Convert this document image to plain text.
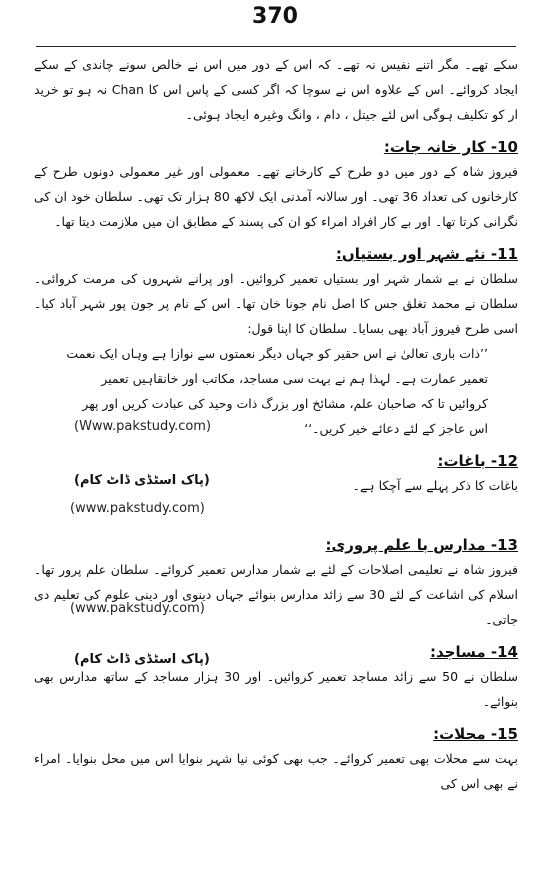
370

سکے تھے۔ مگر اتنے نفیس نہ تھے۔ کہ اس کے دور میں اس نے خالص سونے چاندی کے سکے ایجاد کروائے۔ اس کے علاوہ اس نے سوچا کہ اگر کسی کے پاس اس کا Chan نہ ہو تو خرید ار کو تکلیف ہوگی اس لئے جیتل ، دام ، وانگ وغیرہ ایجاد ہوئی۔

10- کار خانہ جات:

فیروز شاہ کے دور میں دو طرح کے کارخانے تھے۔ معمولی اور غیر معمولی دونوں طرح کے کارخانوں کی تعداد 36 تھی۔ اور سالانہ آمدنی ایک لاکھ 80 ہزار تک تھی۔ سلطان خود ان کی نگرانی کرتا تھا۔ اور بے کار افراد امراء کو ان کی پسند کے مطابق ان میں ملازمت دیتا تھا۔

11- نئے شہر اور بستیاں:

سلطان نے بے شمار شہر اور بستیاں تعمیر کروائیں۔ اور پرانے شہروں کی مرمت کروائی۔ سلطان نے محمد تغلق جس کا اصل نام جونا خان تھا۔ اس کے نام پر جون پور شہر آباد کیا۔ اسی طرح فیروز آباد بھی بسایا۔ سلطان کا اپنا قول:

’’ذات باری تعالیٰ نے اس حقیر کو جہاں دیگر نعمتوں سے نوازا ہے وہاں ایک نعمت تعمیر عمارت ہے۔ لہذا ہم نے بہت سی مساجد، مکاتب اور خانقاہیں تعمیر کروائیں تا کہ صاحبان علم، مشائخ اور بزرگ ذات وحید کی عبادت کریں اور پھر اس عاجز کے لئے دعائے خیر کریں۔‘‘

(Www.pakstudy.com)
12- باغات:

باغات کا ذکر پہلے سے آچکا ہے۔

(پاک اسٹڈی ڈاٹ کام)
(www.pakstudy.com)
13- مدارس با علم پروری:

فیروز شاہ نے تعلیمی اصلاحات کے لئے بے شمار مدارس تعمیر کروائے۔ سلطان علم پرور تھا۔ اسلام کی اشاعت کے لئے 30 سے زائد مدارس بنوائے جہاں دینوی اور دینی علوم کی تعلیم دی جاتی۔

(www.pakstudy.com)
14- مساجد:
(پاک اسٹڈی ڈاٹ کام)

سلطان نے 50 سے زائد مساجد تعمیر کروائیں۔ اور 30 ہزار مساجد کے ساتھ مدارس بھی بنوائے۔

15- محلات:

بہت سے محلات بھی تعمیر کروائے۔ جب بھی کوئی نیا شہر بنوایا اس میں محل بنوایا۔ امراء نے بھی اس کی
